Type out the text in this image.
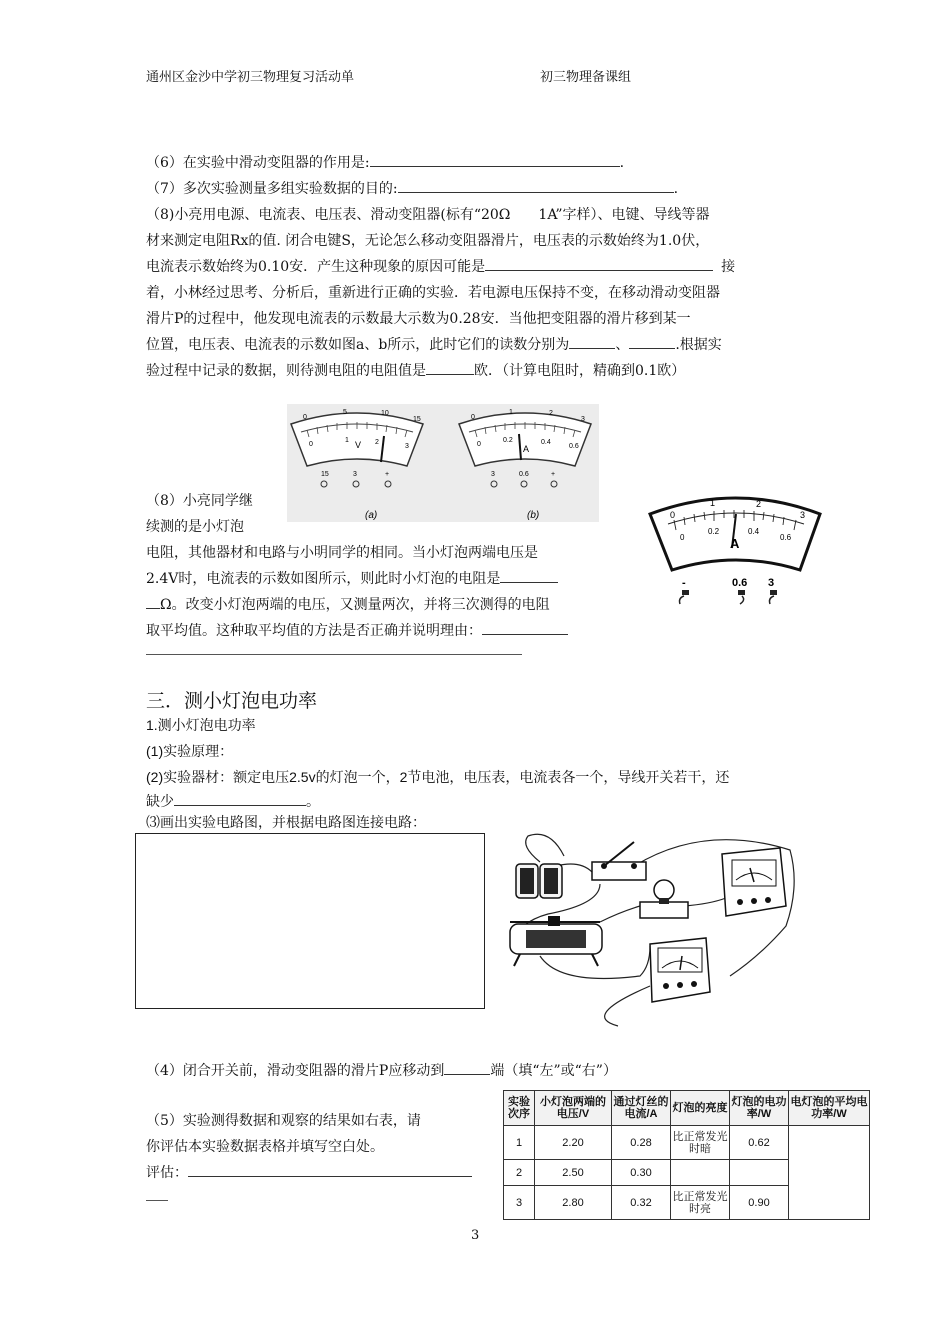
通州区金沙中学初三物理复习活动单	初三物理备课组
（6）在实验中滑动变阻器的作用是:	.
（7）多次实验测量多组实验数据的目的:	.
（8)小亮用电源、电流表、电压表、滑动变阻器(标有“20Ω　　1A”字样）、电键、导线等器
材来测定电阻Rx的值. 闭合电键S，无论怎么移动变阻器滑片，电压表的示数始终为1.0伏，
电流表示数始终为0.10安．产生这种现象的原因可能是	接
着，小林经过思考、分析后，重新进行正确的实验．若电源电压保持不变，在移动滑动变阻器
滑片P的过程中，他发现电流表的示数最大示数为0.28安．当他把变阻器的滑片移到某一
位置，电压表、电流表的示数如图a、b所示，此时它们的读数分别为	、	.根据实
验过程中记录的数据，则待测电阻的电阻值是	欧．（计算电阻时，精确到0.1欧）
0
5	10
15
0
1	2
3
V
15	3	+
(a)
0
1	2
3
0
0.2	0.4
0.6
A
3	0.6	+
(b)
（8）小亮同学继
续测的是小灯泡
电阻，其他器材和电路与小明同学的相同。当小灯泡两端电压是
2.4V时，电流表的示数如图所示，则此时小灯泡的电阻是
Ω。改变小灯泡两端的电压，又测量两次，并将三次测得的电阻
取平均值。这种取平均值的方法是否正确并说明理由：
0
1	2
3
0
0.2	0.4
0.6
A
-	0.6 3
三．测小灯泡电功率
1.测小灯泡电功率
(1)实验原理：
(2)实验器材：额定电压2.5v的灯泡一个，2节电池，电压表，电流表各一个，导线开关若干，还
缺少	。
⑶画出实验电路图，并根据电路图连接电路：
（4）闭合开关前，滑动变阻器的滑片P应移动到	端（填“左”或“右”）
（5）实验测得数据和观察的结果如右表，请
你评估本实验数据表格并填写空白处。
评估：
实验次序	小灯泡两端的电压/V	通过灯丝的电流/A	灯泡的亮度	灯泡的电功率/W	电灯泡的平均电功率/W
1	2.20	0.28	比正常发光时暗	0.62	
2	2.50	0.30			
3	2.80	0.32	比正常发光时亮	0.90	
3
